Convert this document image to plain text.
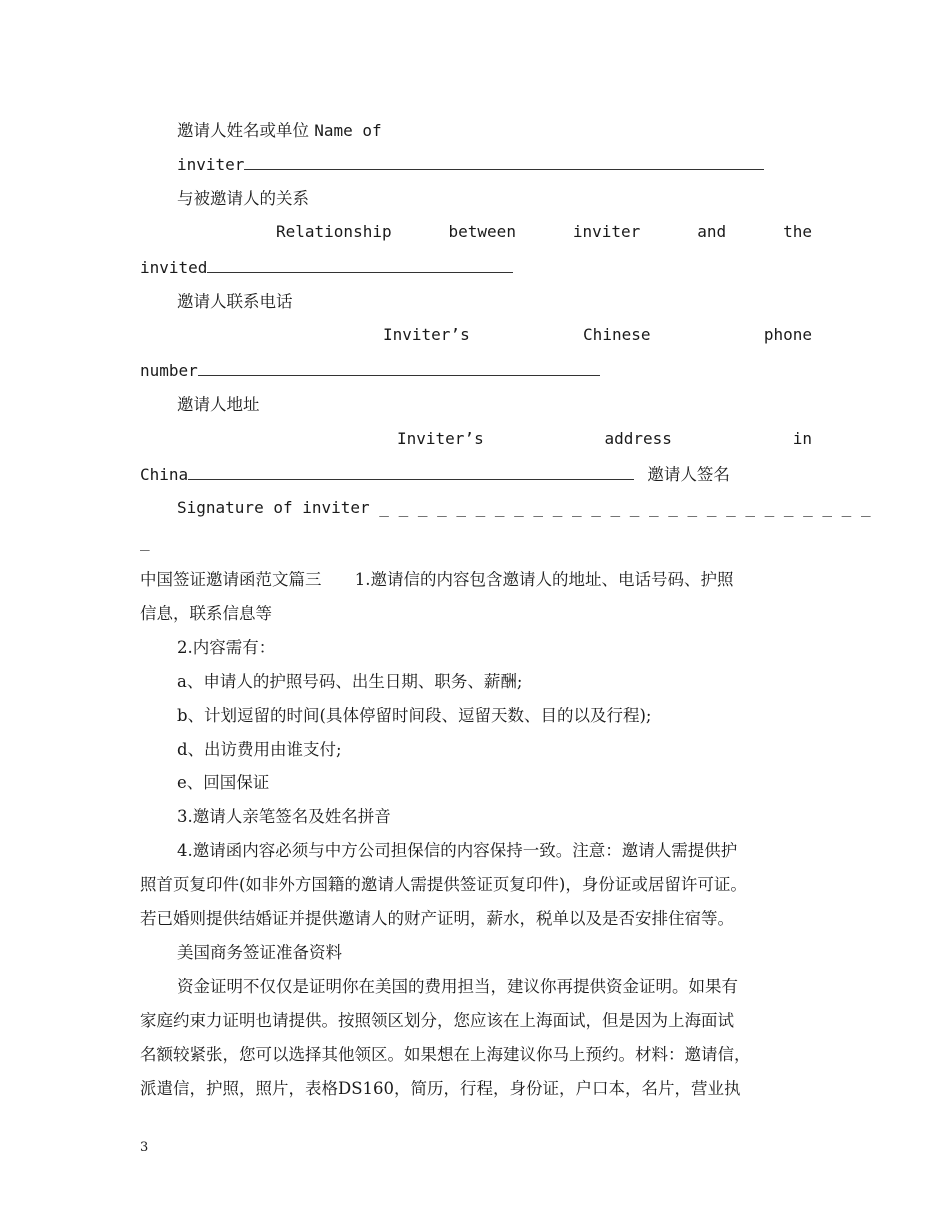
邀请人姓名或单位 Name of
inviter
与被邀请人的关系
Relationship	between	inviter	and	the
invited
邀请人联系电话
Inviter’s	Chinese	phone
number
邀请人地址
Inviter’s	address	in
China	邀请人签名
Signature of inviter _ _ _ _ _ _ _ _ _ _ _ _ _ _ _ _ _ _ _ _ _ _ _ _ _ _
_
中国签证邀请函范文篇三 1.邀请信的内容包含邀请人的地址、电话号码、护照
信息，联系信息等
2.内容需有：
a、申请人的护照号码、出生日期、职务、薪酬;
b、计划逗留的时间(具体停留时间段、逗留天数、目的以及行程);
d、出访费用由谁支付;
e、回国保证
3.邀请人亲笔签名及姓名拼音
4.邀请函内容必须与中方公司担保信的内容保持一致。注意：邀请人需提供护
照首页复印件(如非外方国籍的邀请人需提供签证页复印件)，身份证或居留许可证。
若已婚则提供结婚证并提供邀请人的财产证明，薪水，税单以及是否安排住宿等。
美国商务签证准备资料
资金证明不仅仅是证明你在美国的费用担当，建议你再提供资金证明。如果有
家庭约束力证明也请提供。按照领区划分，您应该在上海面试，但是因为上海面试
名额较紧张，您可以选择其他领区。如果想在上海建议你马上预约。材料：邀请信，
派遣信，护照，照片，表格DS160，简历，行程，身份证，户口本，名片，营业执
3
